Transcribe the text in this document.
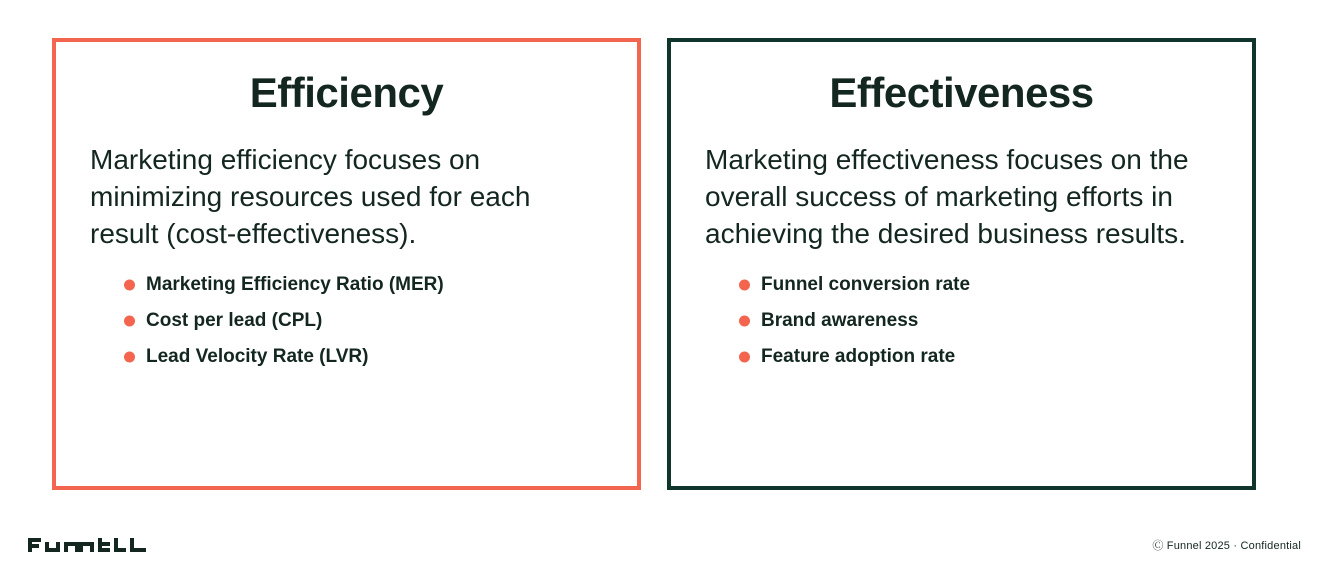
Efficiency

Marketing efficiency focuses on minimizing resources used for each result (cost-effectiveness).

Marketing Efficiency Ratio (MER)
Cost per lead (CPL)
Lead Velocity Rate (LVR)
Effectiveness

Marketing effectiveness focuses on the overall success of marketing efforts in achieving the desired business results.

Funnel conversion rate
Brand awareness
Feature adoption rate
Ⓒ Funnel 2025 · Confidential
